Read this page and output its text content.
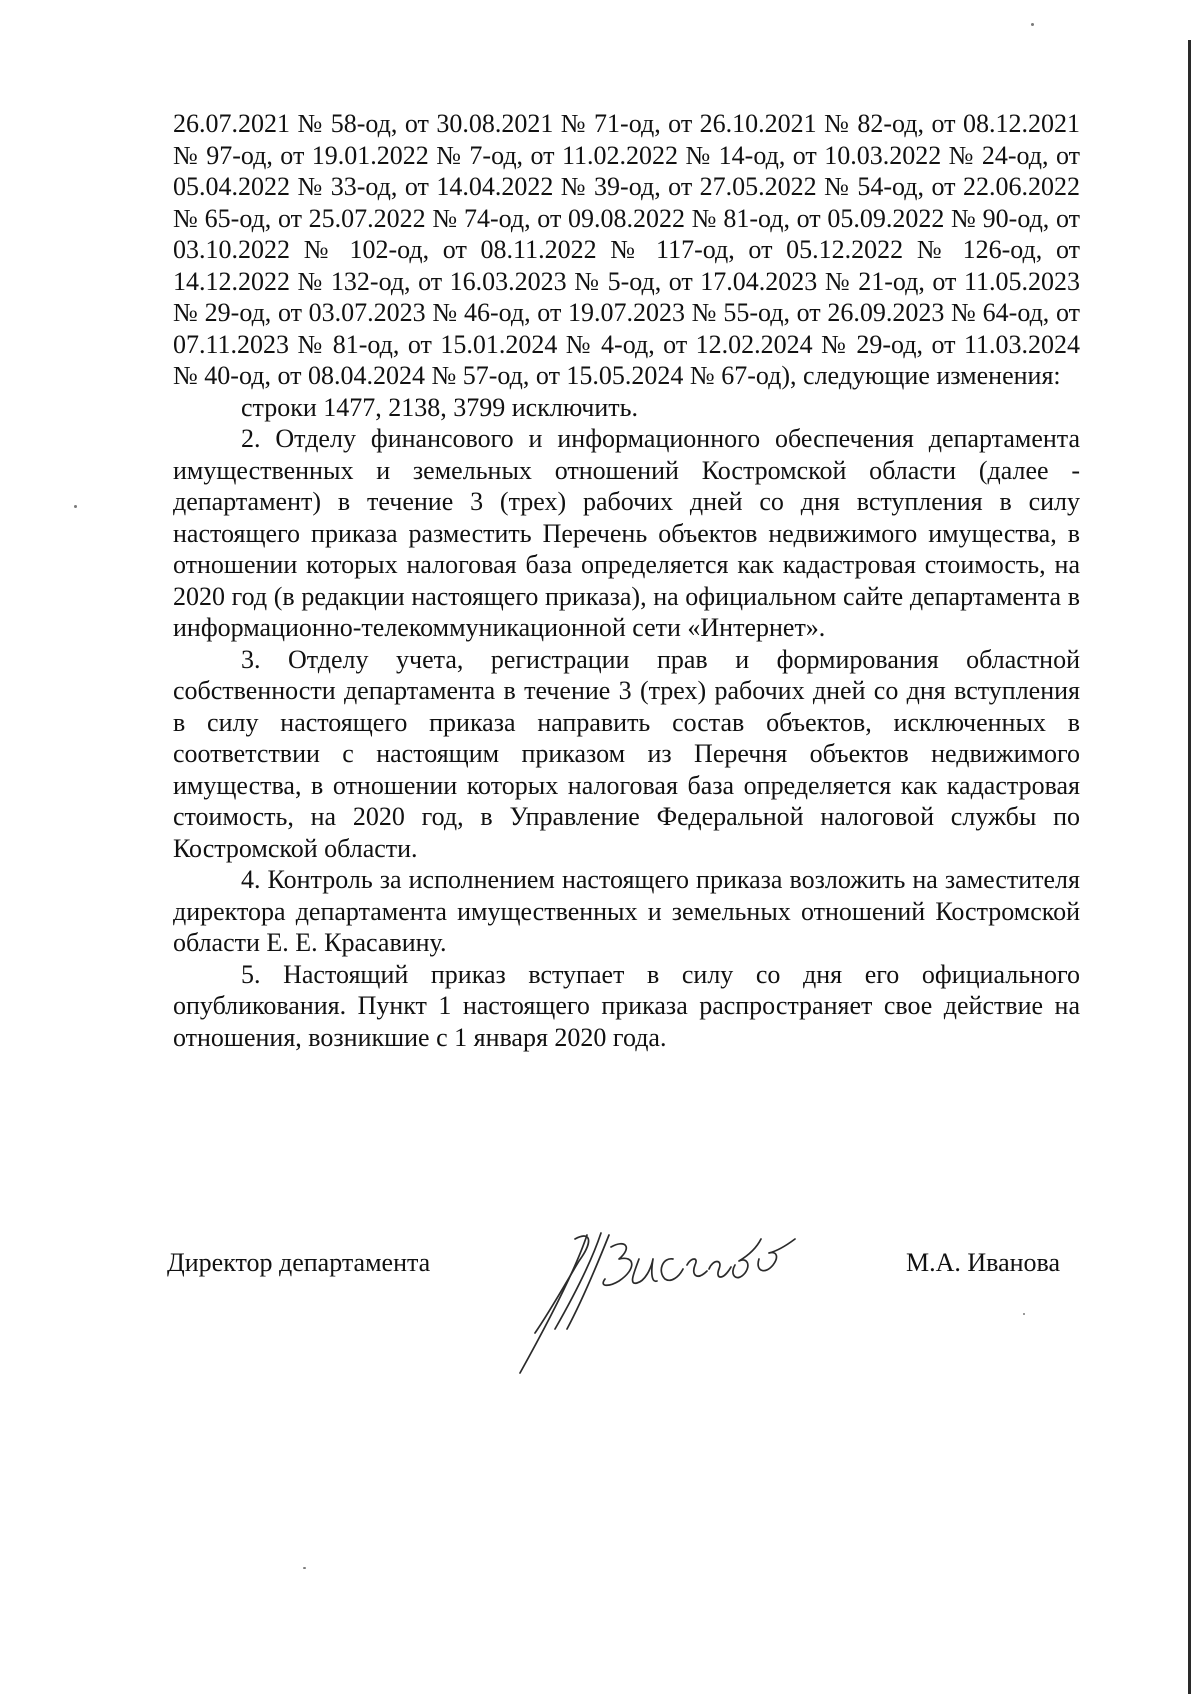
26.07.2021 № 58-од, от 30.08.2021 № 71-од, от 26.10.2021 № 82-од, от 08.12.2021 № 97-од, от 19.01.2022 № 7-од, от 11.02.2022 № 14-од, от 10.03.2022 № 24-од, от 05.04.2022 № 33-од, от 14.04.2022 № 39-од, от 27.05.2022 № 54-од, от 22.06.2022 № 65-од, от 25.07.2022 № 74-од, от 09.08.2022 № 81-од, от 05.09.2022 № 90-од, от 03.10.2022 № 102-од, от 08.11.2022 № 117-од, от 05.12.2022 № 126-од, от 14.12.2022 № 132-од, от 16.03.2023 № 5-од, от 17.04.2023 № 21-од, от 11.05.2023 № 29-од, от 03.07.2023 № 46-од, от 19.07.2023 № 55-од, от 26.09.2023 № 64-од, от 07.11.2023 № 81-од, от 15.01.2024 № 4-од, от 12.02.2024 № 29-од, от 11.03.2024 № 40-од, от 08.04.2024 № 57-од, от 15.05.2024 № 67-од), следующие изменения:

строки 1477, 2138, 3799 исключить.

2. Отделу финансового и информационного обеспечения департамента имущественных и земельных отношений Костромской области (далее - департамент) в течение 3 (трех) рабочих дней со дня вступления в силу настоящего приказа разместить Перечень объектов недвижимого имущества, в отношении которых налоговая база определяется как кадастровая стоимость, на 2020 год (в редакции настоящего приказа), на официальном сайте департамента в информационно-телекоммуникационной сети «Интернет».

3. Отделу учета, регистрации прав и формирования областной собственности департамента в течение 3 (трех) рабочих дней со дня вступления в силу настоящего приказа направить состав объектов, исключенных в соответствии с настоящим приказом из Перечня объектов недвижимого имущества, в отношении которых налоговая база определяется как кадастровая стоимость, на 2020 год, в Управление Федеральной налоговой службы по Костромской области.

4. Контроль за исполнением настоящего приказа возложить на заместителя директора департамента имущественных и земельных отношений Костромской области Е. Е. Красавину.

5. Настоящий приказ вступает в силу со дня его официального опубликования. Пункт 1 настоящего приказа распространяет свое действие на отношения, возникшие с 1 января 2020 года.

Директор департамента	М.А. Иванова
